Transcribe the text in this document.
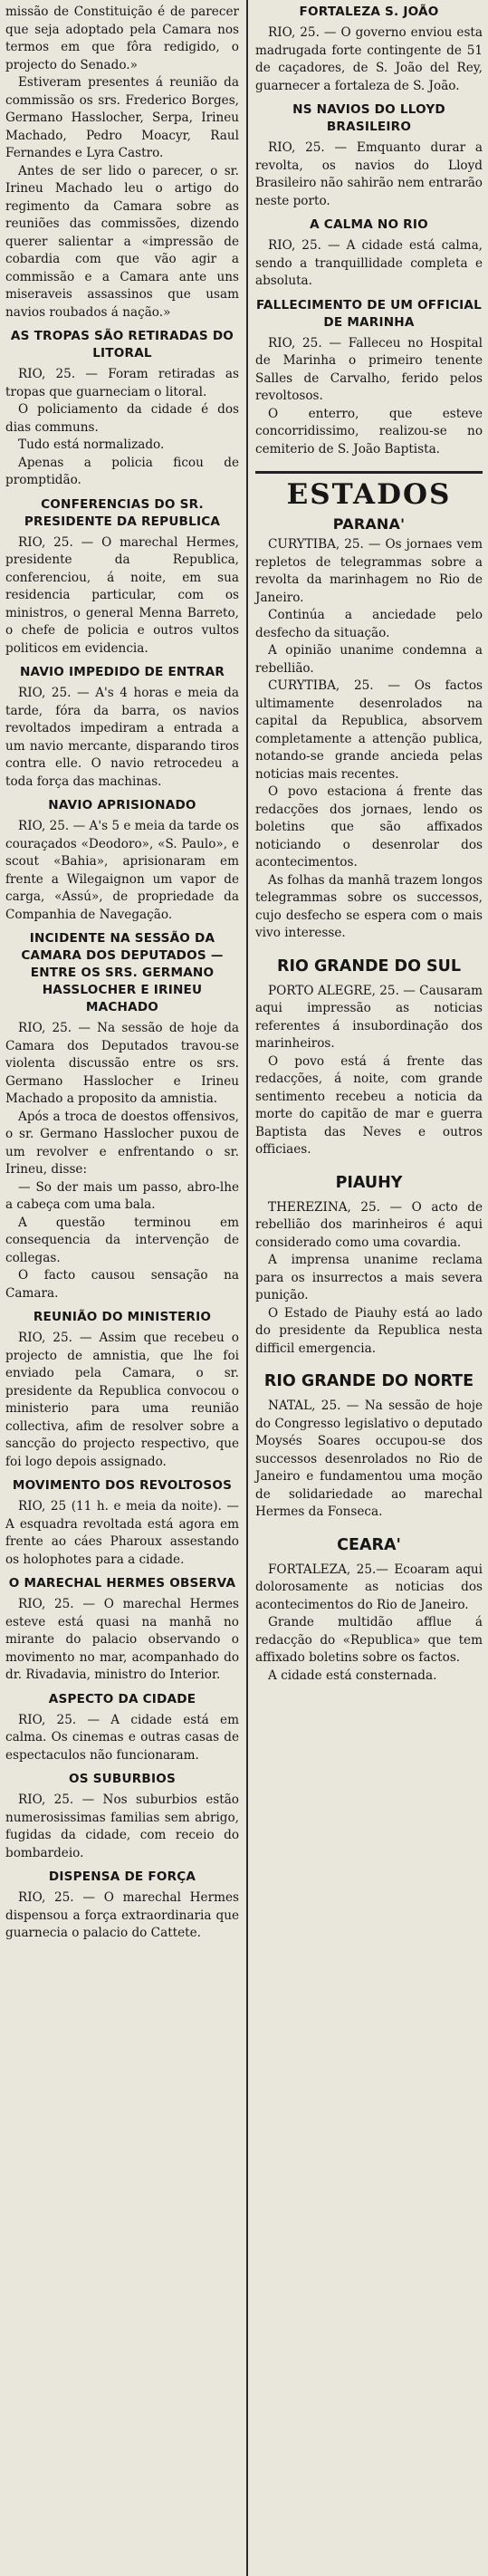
missão de Constituição é de parecer que seja adoptado pela Camara nos termos em que fôra redigido, o projecto do Senado.»

Estiveram presentes á reunião da commissão os srs. Frederico Borges, Germano Hasslocher, Serpa, Irineu Machado, Pedro Moacyr, Raul Fernandes e Lyra Castro.

Antes de ser lido o parecer, o sr. Irineu Machado leu o artigo do regimento da Camara sobre as reuniões das commissões, dizendo querer salientar a «impressão de cobardia com que vão agir a commissão e a Camara ante uns miseraveis assassinos que usam navios roubados á nação.»

AS TROPAS SÃO RETIRADAS DO LITORAL

RIO, 25. — Foram retiradas as tropas que guarneciam o litoral.

O policiamento da cidade é dos dias communs.

Tudo está normalizado.

Apenas a policia ficou de promptidão.

CONFERENCIAS DO SR. PRESIDENTE DA REPUBLICA

RIO, 25. — O marechal Hermes, presidente da Republica, conferenciou, á noite, em sua residencia particular, com os ministros, o general Menna Barreto, o chefe de policia e outros vultos politicos em evidencia.

NAVIO IMPEDIDO DE ENTRAR

RIO, 25. — A's 4 horas e meia da tarde, fóra da barra, os navios revoltados impediram a entrada a um navio mercante, disparando tiros contra elle. O navio retrocedeu a toda força das machinas.

NAVIO APRISIONADO

RIO, 25. — A's 5 e meia da tarde os couraçados «Deodoro», «S. Paulo», e scout «Bahia», aprisionaram em frente a Wilegaignon um vapor de carga, «Assú», de propriedade da Companhia de Navegação.

INCIDENTE NA SESSÃO DA CAMARA DOS DEPUTADOS — ENTRE OS SRS. GERMANO HASSLOCHER E IRINEU MACHADO

RIO, 25. — Na sessão de hoje da Camara dos Deputados travou-se violenta discussão entre os srs. Germano Hasslocher e Irineu Machado a proposito da amnistia.

Após a troca de doestos offensivos, o sr. Germano Hasslocher puxou de um revolver e enfrentando o sr. Irineu, disse:

— So der mais um passo, abro-lhe a cabeça com uma bala.

A questão terminou em consequencia da intervenção de collegas.

O facto causou sensação na Camara.

REUNIÃO DO MINISTERIO

RIO, 25. — Assim que recebeu o projecto de amnistia, que lhe foi enviado pela Camara, o sr. presidente da Republica convocou o ministerio para uma reunião collectiva, afim de resolver sobre a sancção do projecto respectivo, que foi logo depois assignado.

MOVIMENTO DOS REVOLTOSOS

RIO, 25 (11 h. e meia da noite). — A esquadra revoltada está agora em frente ao cáes Pharoux assestando os holophotes para a cidade.

O MARECHAL HERMES OBSERVA

RIO, 25. — O marechal Hermes esteve está quasi na manhã no mirante do palacio observando o movimento no mar, acompanhado do dr. Rivadavia, ministro do Interior.

ASPECTO DA CIDADE

RIO, 25. — A cidade está em calma. Os cinemas e outras casas de espectaculos não funcionaram.

OS SUBURBIOS

RIO, 25. — Nos suburbios estão numerosissimas familias sem abrigo, fugidas da cidade, com receio do bombardeio.

DISPENSA DE FORÇA

RIO, 25. — O marechal Hermes dispensou a força extraordinaria que guarnecia o palacio do Cattete.

FORTALEZA S. JOÃO

RIO, 25. — O governo enviou esta madrugada forte contingente de 51 de caçadores, de S. João del Rey, guarnecer a fortaleza de S. João.

NS NAVIOS DO LLOYD BRASILEIRO

RIO, 25. — Emquanto durar a revolta, os navios do Lloyd Brasileiro não sahirão nem entrarão neste porto.

A CALMA NO RIO

RIO, 25. — A cidade está calma, sendo a tranquillidade completa e absoluta.

FALLECIMENTO DE UM OFFICIAL DE MARINHA

RIO, 25. — Falleceu no Hospital de Marinha o primeiro tenente Salles de Carvalho, ferido pelos revoltosos.

O enterro, que esteve concorridissimo, realizou-se no cemiterio de S. João Baptista.

ESTADOS
PARANA'

CURYTIBA, 25. — Os jornaes vem repletos de telegrammas sobre a revolta da marinhagem no Rio de Janeiro.

Continúa a anciedade pelo desfecho da situação.

A opinião unanime condemna a rebellião.

CURYTIBA, 25. — Os factos ultimamente desenrolados na capital da Republica, absorvem completamente a attenção publica, notando-se grande ancieda pelas noticias mais recentes.

O povo estaciona á frente das redacções dos jornaes, lendo os boletins que são affixados noticiando o desenrolar dos acontecimentos.

As folhas da manhã trazem longos telegrammas sobre os successos, cujo desfecho se espera com o mais vivo interesse.

RIO GRANDE DO SUL

PORTO ALEGRE, 25. — Causaram aqui impressão as noticias referentes á insubordinação dos marinheiros.

O povo está á frente das redacções, á noite, com grande sentimento recebeu a noticia da morte do capitão de mar e guerra Baptista das Neves e outros officiaes.

PIAUHY

THEREZINA, 25. — O acto de rebellião dos marinheiros é aqui considerado como uma covardia.

A imprensa unanime reclama para os insurrectos a mais severa punição.

O Estado de Piauhy está ao lado do presidente da Republica nesta difficil emergencia.

RIO GRANDE DO NORTE

NATAL, 25. — Na sessão de hoje do Congresso legislativo o deputado Moysés Soares occupou-se dos successos desenrolados no Rio de Janeiro e fundamentou uma moção de solidariedade ao marechal Hermes da Fonseca.

CEARA'

FORTALEZA, 25.— Ecoaram aqui dolorosamente as noticias dos acontecimentos do Rio de Janeiro.

Grande multidão afflue á redacção do «Republica» que tem affixado boletins sobre os factos.

A cidade está consternada.
